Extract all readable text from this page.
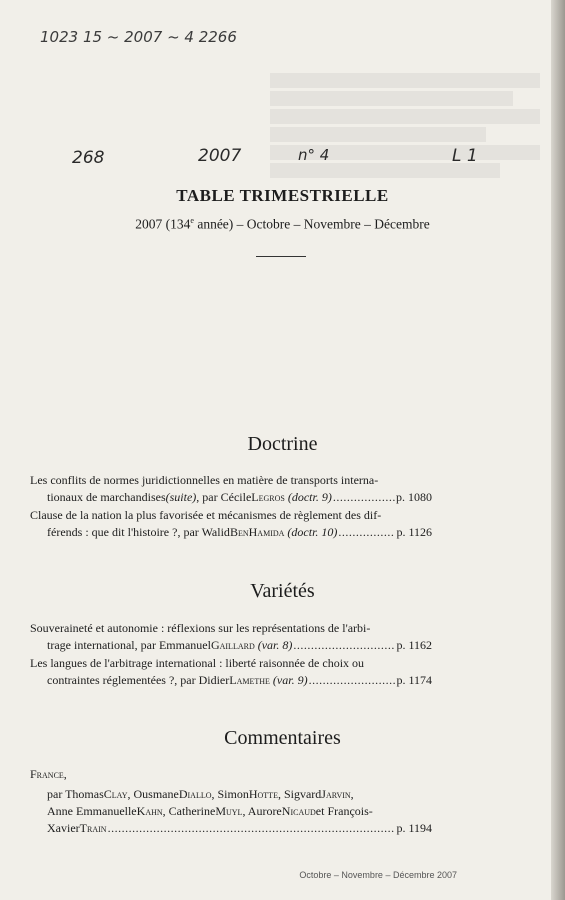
1023 15 ~ 2007 ~ 4 2266
268	2007	n° 4	L 1
TABLE TRIMESTRIELLE
2007 (134e année) – Octobre – Novembre – Décembre
Doctrine
Les conflits de normes juridictionnelles en matière de transports interna-
tionaux de marchandises (suite) , par Cécile L egros
(doctr. 9) .....	p. 1080
Clause de la nation la plus favorisée et mécanismes de règlement des dif-
férends : que dit l'histoire ?, par Walid B en H amida
(doctr. 10) .....	p. 1126
Variétés
Souveraineté et autonomie : réflexions sur les représentations de l'arbi-
trage international, par Emmanuel G aillard
(var. 8) .....	p. 1162
Les langues de l'arbitrage international : liberté raisonnée de choix ou
contraintes réglementées ?, par Didier L amethe
(var. 9) .....	p. 1174
Commentaires
France ,
par Thomas C lay , Ousmane D iallo , Simon H otte , Sigvard J arvin ,
Anne Emmanuelle K ahn , Catherine M uyl , Aurore N icaud et François-
Xavier T rain .....	p. 1194
Octobre – Novembre – Décembre 2007
